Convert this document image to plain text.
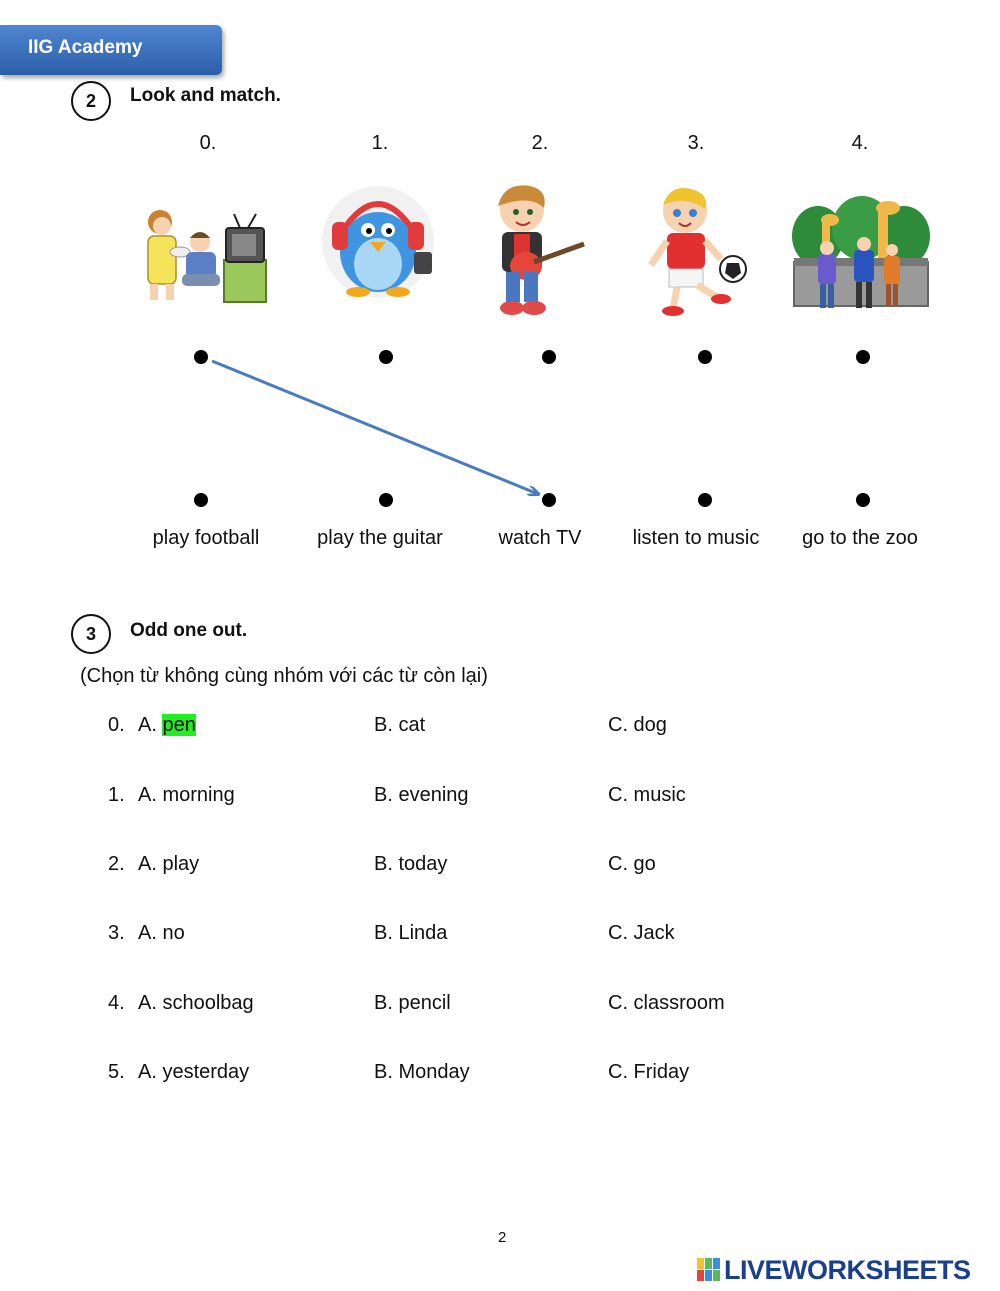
IIG Academy
2	Look and match.
0.	1.	2.	3.	4.
play football	play the guitar	watch TV	listen to music	go to the zoo
3	Odd one out.
(Chọn từ không cùng nhóm với các từ còn lại)
0. A. pen	B. cat	C. dog
1. A. morning	B. evening	C. music
2. A. play	B. today	C. go
3. A. no	B. Linda	C. Jack
4. A. schoolbag	B. pencil	C. classroom
5. A. yesterday	B. Monday	C. Friday
2
LIVEWORKSHEETS
